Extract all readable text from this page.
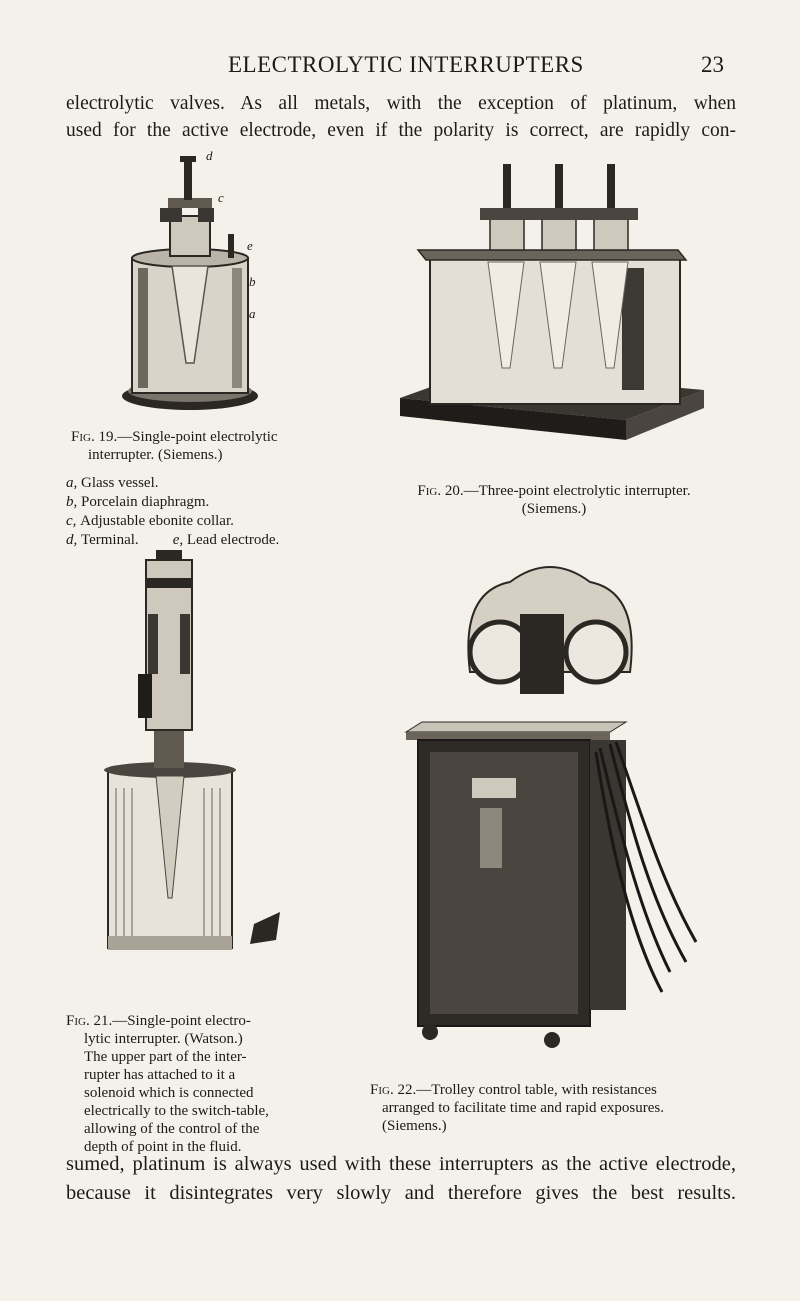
ELECTROLYTIC INTERRUPTERS	23
electrolytic valves. As all metals, with the exception of platinum, when
used for the active electrode, even if the polarity is correct, are rapidly con-
d
c
e
b
a
Fig. 19.—Single-point electrolytic
interrupter. (Siemens.)
a, Glass vessel.
b, Porcelain diaphragm.
c, Adjustable ebonite collar.
d, Terminal. e, Lead electrode.
Fig. 20.—Three-point electrolytic interrupter.
(Siemens.)
Fig. 21.—Single-point electro-
lytic interrupter. (Watson.)
The upper part of the inter-
rupter has attached to it a
solenoid which is connected
electrically to the switch-table,
allowing of the control of the
depth of point in the fluid.
Fig. 22.—Trolley control table, with resistances
arranged to facilitate time and rapid exposures.
(Siemens.)
sumed, platinum is always used with these interrupters as the active electrode,
because it disintegrates very slowly and therefore gives the best results.
